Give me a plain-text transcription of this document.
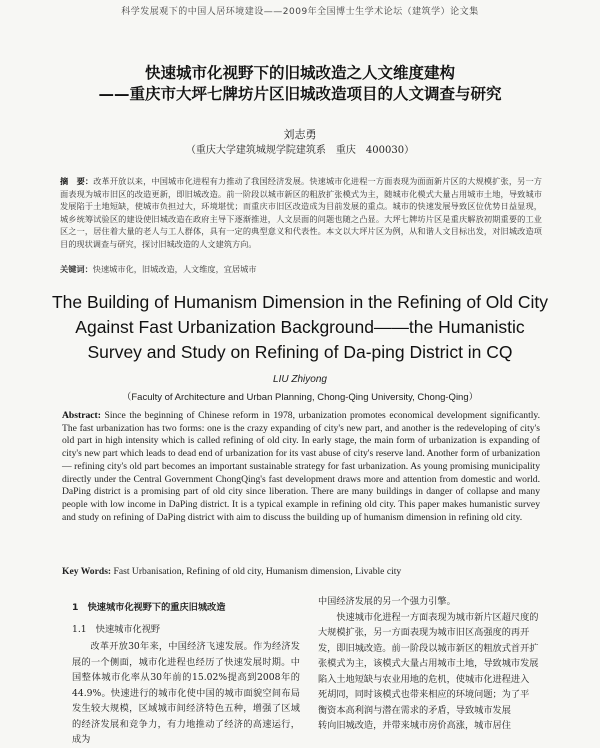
科学发展观下的中国人居环境建设——2009年全国博士生学术论坛（建筑学）论文集
快速城市化视野下的旧城改造之人文维度建构
——重庆市大坪七牌坊片区旧城改造项目的人文调查与研究
刘志勇
（重庆大学建筑城规学院建筑系　重庆　400030）
摘　要：改革开放以来，中国城市化进程有力推动了我国经济发展。快速城市化进程一方面表现为面面新片区的大规模扩张，另一方面表现为城市旧区的改造更新，即旧城改造。前一阶段以城市新区的粗放扩张模式为主，随城市化模式大量占用城市土地，导致城市发展陷于土地短缺，使城市负担过大，环境堪忧；而重庆市旧区改造成为目前发展的重点。城市的快速发展导致区位优势日益显现，城乡统筹试验区的建设使旧城改造在政府主导下逐渐推进，人文层面的问题也随之凸显。大坪七牌坊片区是重庆解放初期重要的工业区之一，居住着大量的老人与工人群体，具有一定的典型意义和代表性。本文以大坪片区为例，从和谐人文目标出发，对旧城改造项目的现状调查与研究，探讨旧城改造的人文建筑方向。
关键词：快速城市化，旧城改造，人文维度，宜居城市
The Building of Humanism Dimension in the Refining of Old City
Against Fast Urbanization Background——the Humanistic
Survey and Study on Refining of Da-ping District in CQ
LIU Zhiyong
（Faculty of Architecture and Urban Planning, Chong-Qing University, Chong-Qing）
Abstract: Since the beginning of Chinese reform in 1978, urbanization promotes economical development significantly. The fast urbanization has two forms: one is the crazy expanding of city's new part, and another is the redeveloping of city's old part in high intensity which is called refining of old city. In early stage, the main form of urbanization is expanding of city's new part which leads to dead end of urbanization for its vast abuse of city's reserve land. Another form of urbanization — refining city's old part becomes an important sustainable strategy for fast urbanization. As young promising municipality directly under the Central Government ChongQing's fast development draws more and attention from domestic and world. DaPing district is a promising part of old city since liberation. There are many buildings in danger of collapse and many people with low income in DaPing district. It is a typical example in refining old city. This paper makes humanistic survey and study on refining of DaPing district with aim to discuss the building up of humanism dimension in refining old city.
Key Words: Fast Urbanisation, Refining of old city, Humanism dimension, Livable city
1　快速城市化视野下的重庆旧城改造
1.1　快速城市化视野
改革开放30年来，中国经济飞速发展。作为经济发展的一个侧面，城市化进程也经历了快速发展时期。中国整体城市化率从30年前的15.02%提高到2008年的44.9%。快速进行的城市化使中国的城市面貌空间布局发生较大规模，区域城市间经济特色五种，增强了区域的经济发展和竞争力，有力地推动了经济的高速运行，成为
中国经济发展的另一个强力引擎。
　　快速城市化进程一方面表现为城市新片区超尺度的
大规模扩张，另一方面表现为城市旧区高强度的再开
发，即旧城改造。前一阶段以城市新区的粗放式首开扩
张模式为主，该模式大量占用城市土地，导致城市发展
陷入土地短缺与农业用地的危机，使城市化进程进入
死胡同，同时该模式也带来相应的环境问题；为了平
衡资本高利润与潜在需求的矛盾，导致城市发展
转向旧城改造，并带来城市房价高涨，城市居住
